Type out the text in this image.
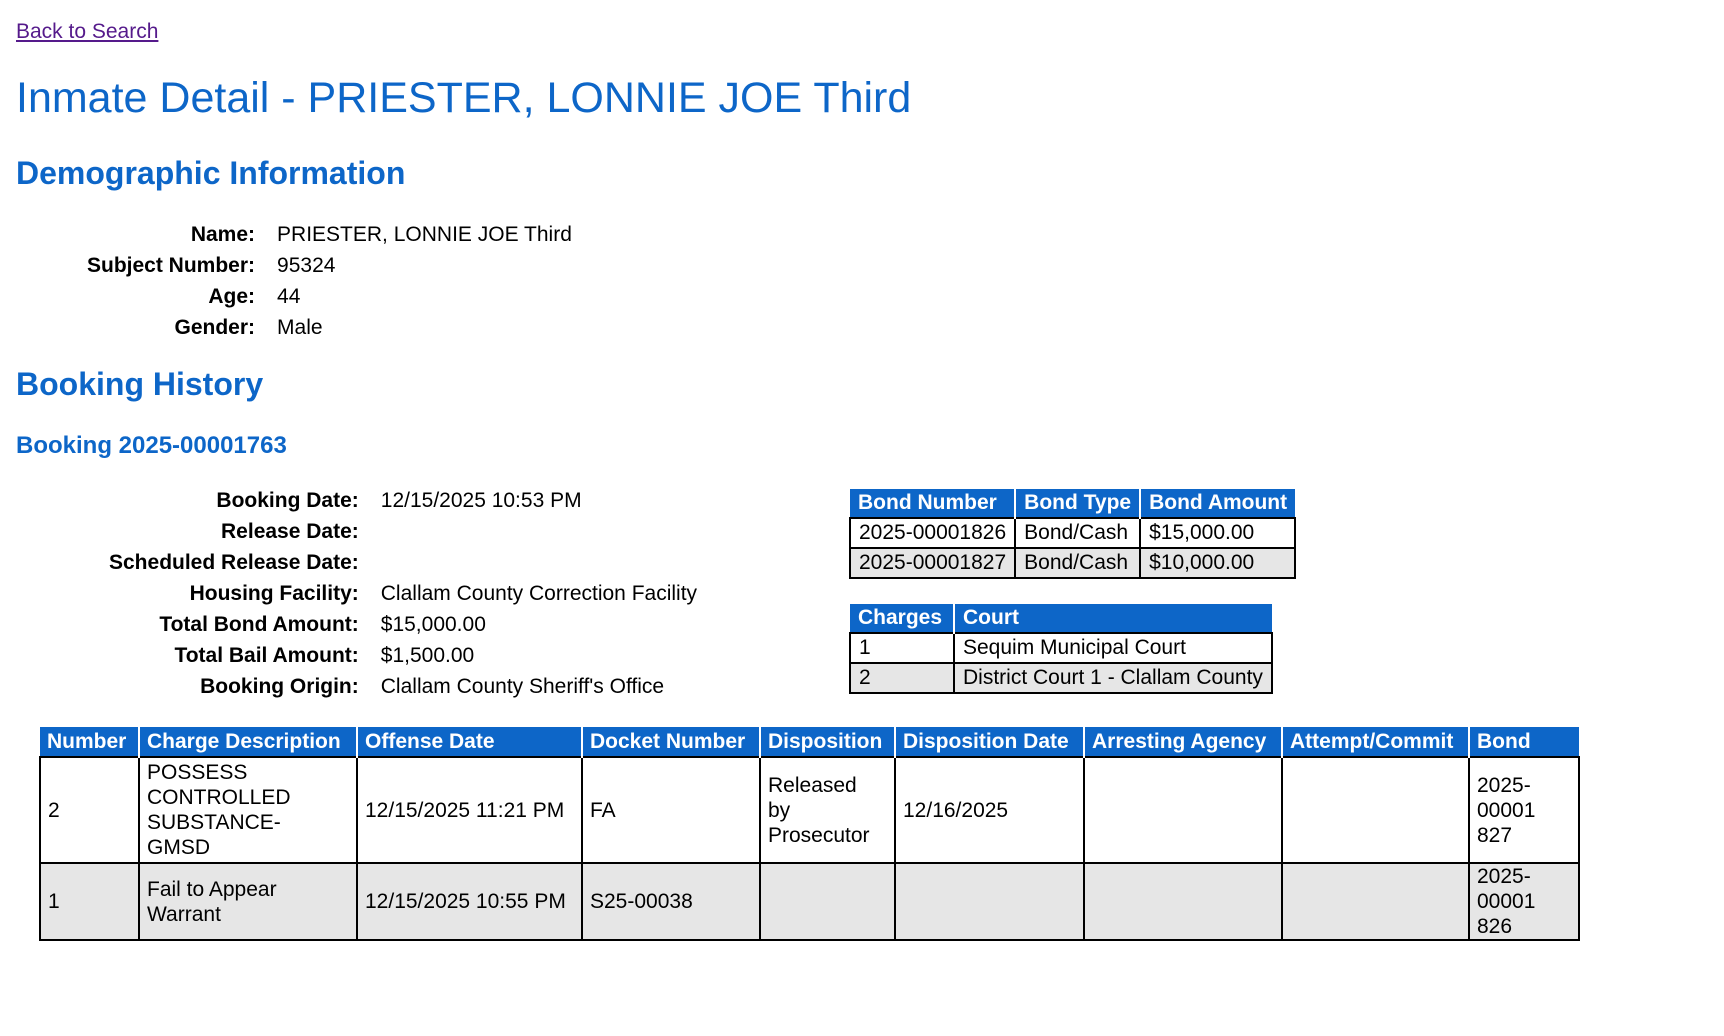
Back to Search
Inmate Detail - PRIESTER, LONNIE JOE Third
Demographic Information
Name:	PRIESTER, LONNIE JOE Third
Subject Number:	95324
Age:	44
Gender:	Male
Booking History
Booking 2025-00001763
Booking Date:	12/15/2025 10:53 PM
Release Date:	
Scheduled Release Date:	
Housing Facility:	Clallam County Correction Facility
Total Bond Amount:	$15,000.00
Total Bail Amount:	$1,500.00
Booking Origin:	Clallam County Sheriff's Office
Bond Number	Bond Type	Bond Amount
2025-00001826	Bond/Cash	$15,000.00
2025-00001827	Bond/Cash	$10,000.00
Charges	Court
1	Sequim Municipal Court
2	District Court 1 - Clallam County
Number	Charge Description	Offense Date	Docket Number	Disposition	Disposition Date	Arresting Agency	Attempt/Commit	Bond
2	POSSESS CONTROLLED SUBSTANCE-GMSD	12/15/2025 11:21 PM	FA	Released by Prosecutor	12/16/2025			2025-00001827

1	Fail to Appear Warrant	12/15/2025 10:55 PM	S25-00038					2025-00001826
